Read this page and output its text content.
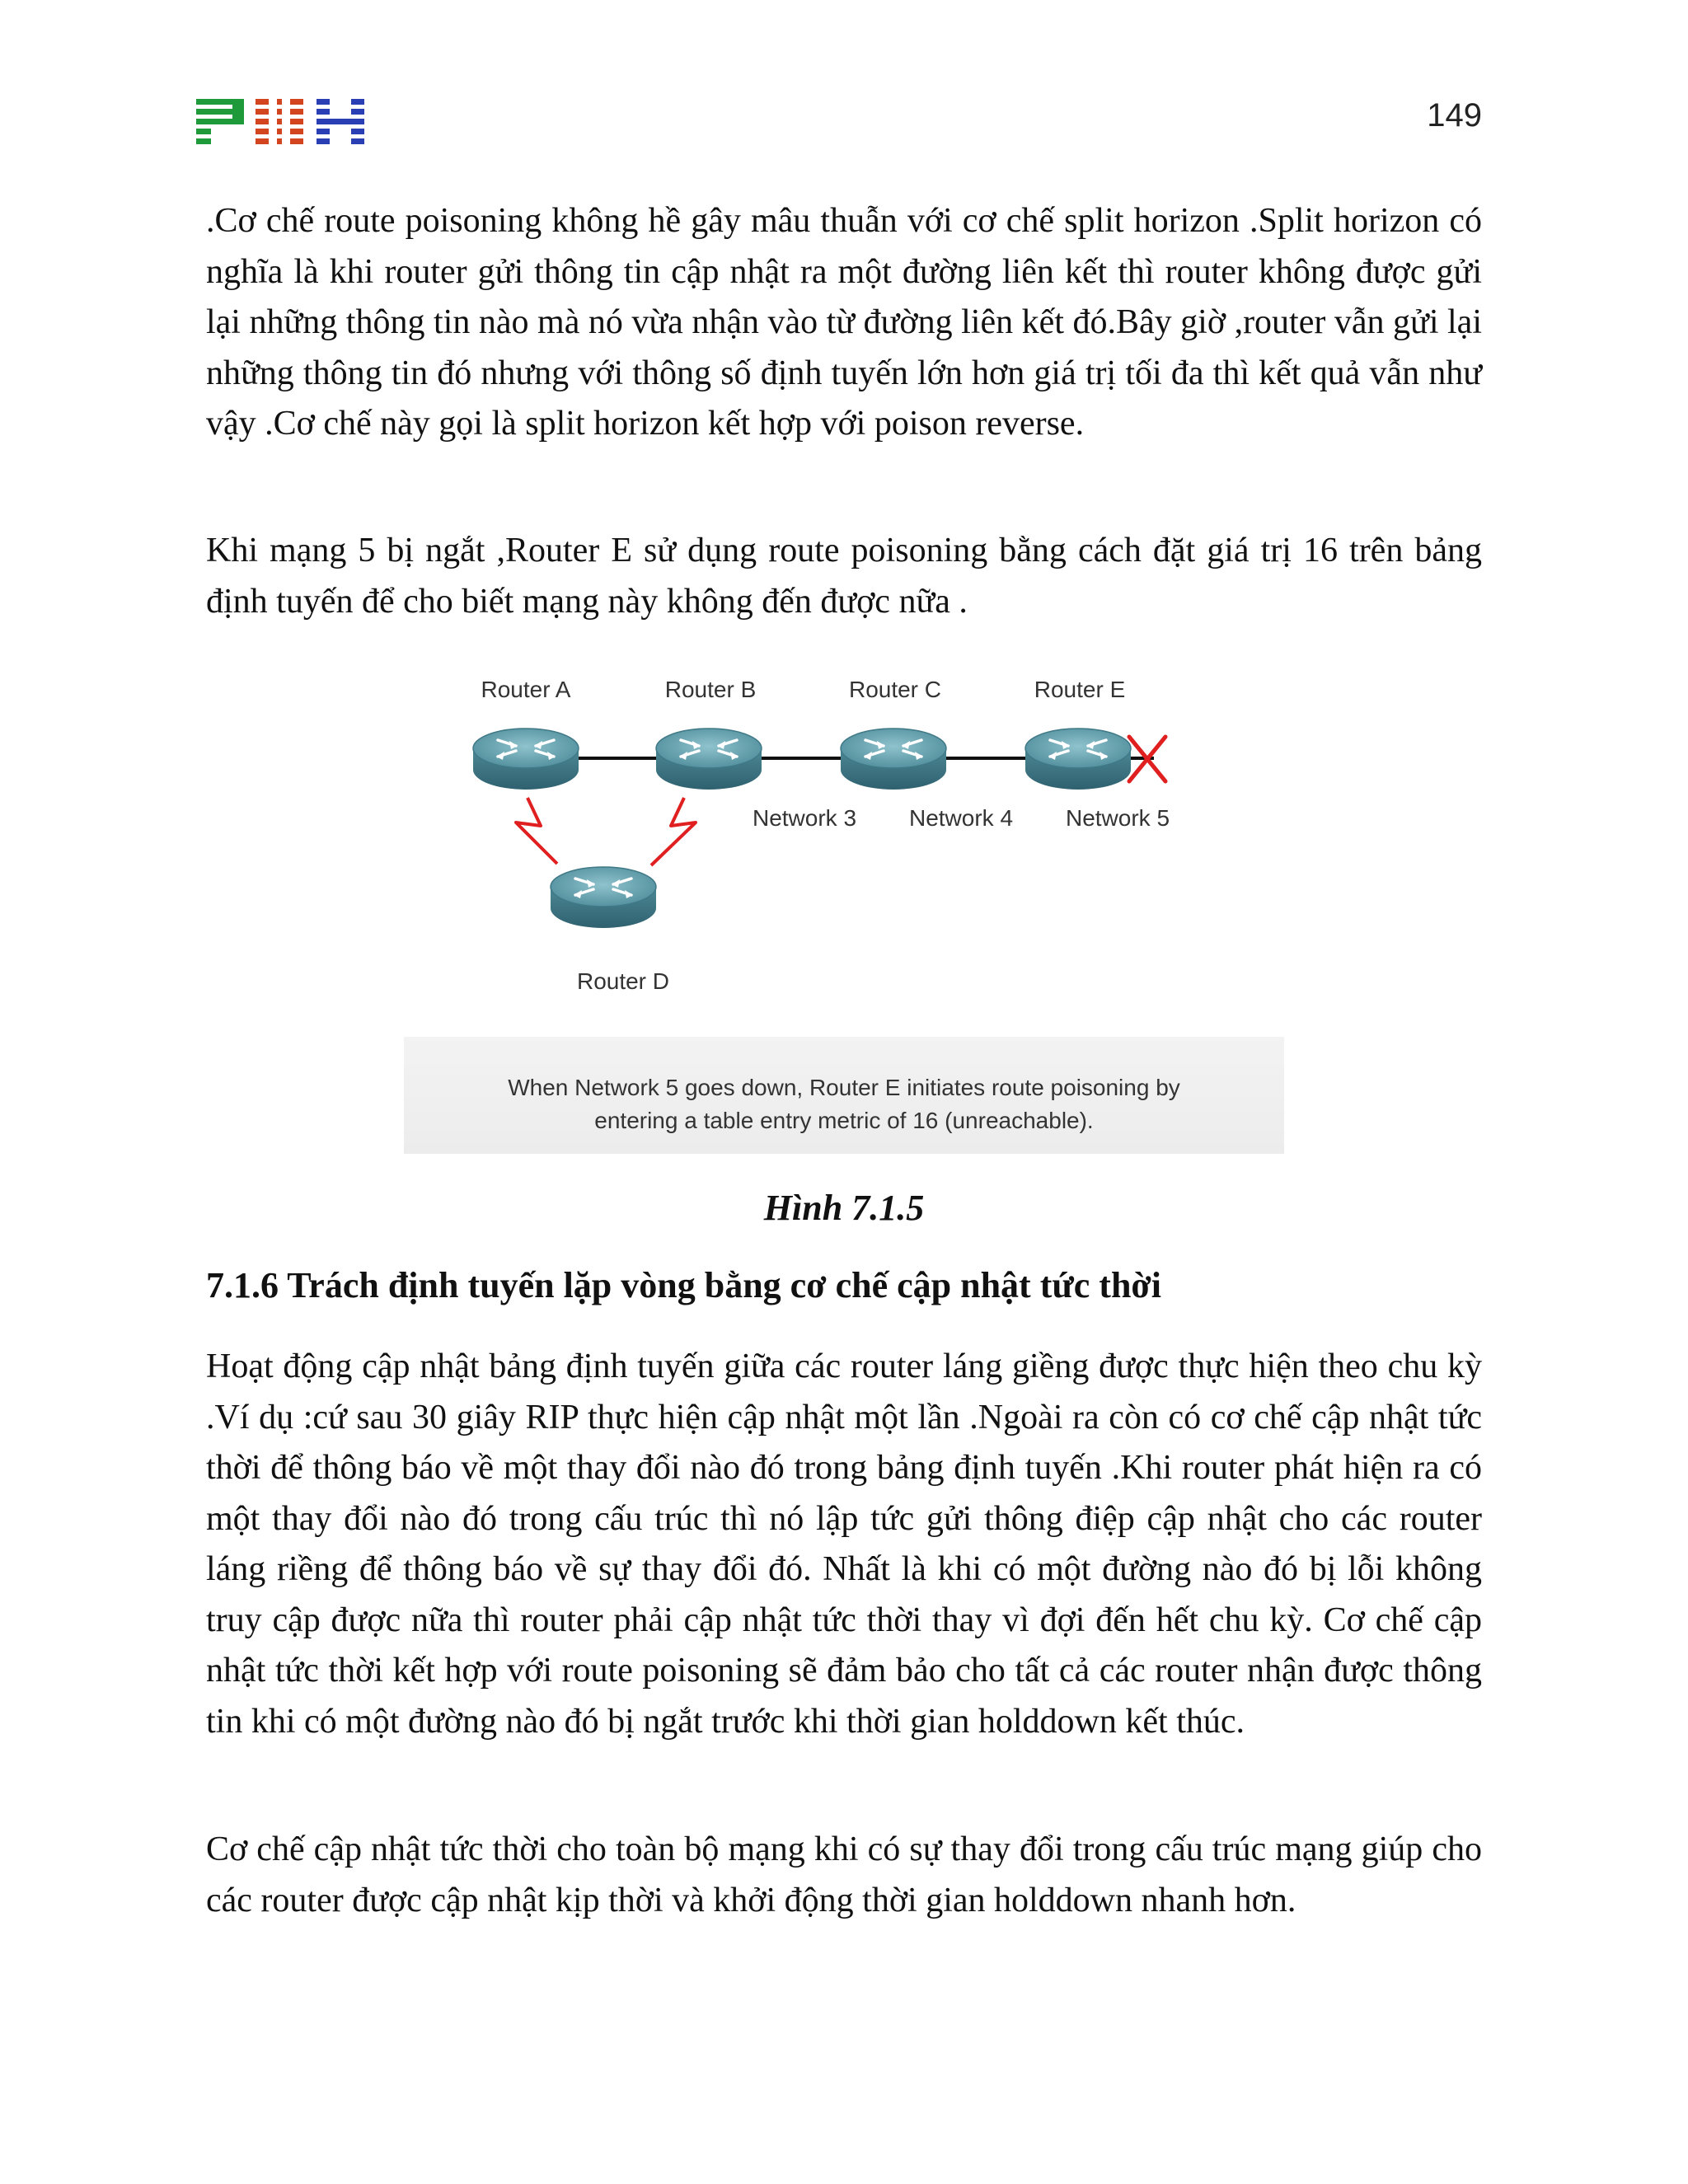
149

.Cơ chế route poisoning không hề gây mâu thuẫn với cơ chế split horizon .Split horizon có nghĩa là khi router gửi thông tin cập nhật ra một đường liên kết thì router không được gửi lại những thông tin nào mà nó vừa nhận vào từ đường liên kết đó.Bây giờ ,router vẫn gửi lại những thông tin đó nhưng với thông số định tuyến lớn hơn giá trị tối đa thì kết quả vẫn như vậy .Cơ chế này gọi là split horizon kết hợp với poison reverse.

Khi mạng 5 bị ngắt ,Router E sử dụng route poisoning bằng cách đặt giá trị 16 trên bảng định tuyến để cho biết mạng này không đến được nữa .

Router A	Router B	Router C	Router E
Router D
Network 3 Network 4 Network 5
When Network 5 goes down, Router E initiates route poisoning by
entering a table entry metric of 16 (unreachable).
Hình 7.1.5
7.1.6 Trách định tuyến lặp vòng bằng cơ chế cập nhật tức thời

Hoạt động cập nhật bảng định tuyến giữa các router láng giềng được thực hiện theo chu kỳ .Ví dụ :cứ sau 30 giây RIP thực hiện cập nhật một lần .Ngoài ra còn có cơ chế cập nhật tức thời để thông báo về một thay đổi nào đó trong bảng định tuyến .Khi router phát hiện ra có một thay đổi nào đó trong cấu trúc thì nó lập tức gửi thông điệp cập nhật cho các router láng riềng để thông báo về sự thay đổi đó. Nhất là khi có một đường nào đó bị lỗi không truy cập được nữa thì router phải cập nhật tức thời thay vì đợi đến hết chu kỳ. Cơ chế cập nhật tức thời kết hợp với route poisoning sẽ đảm bảo cho tất cả các router nhận được thông tin khi có một đường nào đó bị ngắt trước khi thời gian holddown kết thúc.

Cơ chế cập nhật tức thời cho toàn bộ mạng khi có sự thay đổi trong cấu trúc mạng giúp cho các router được cập nhật kịp thời và khởi động thời gian holddown nhanh hơn.
